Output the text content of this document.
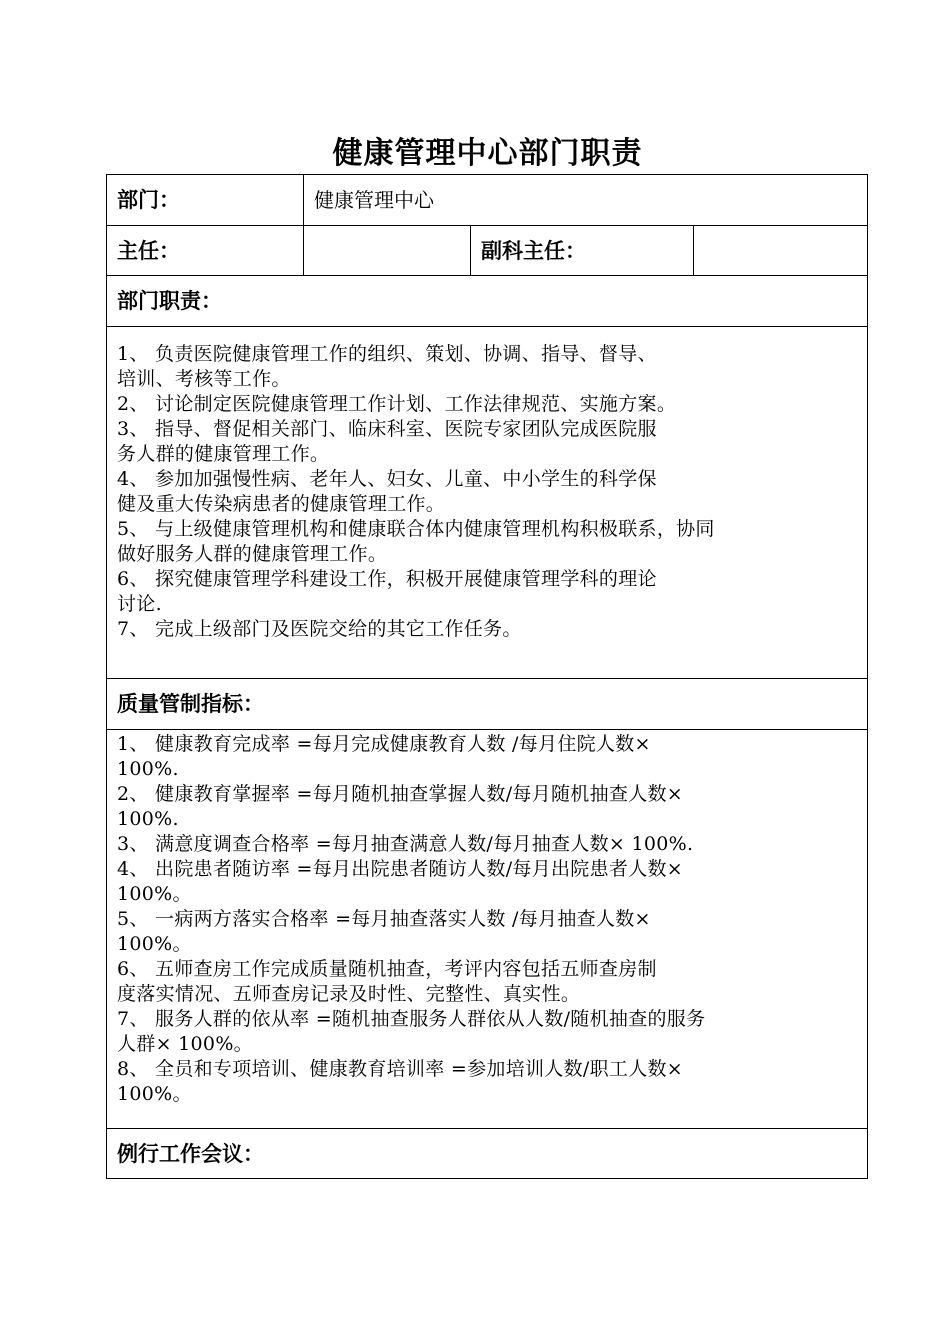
健康管理中心部门职责
部门：	健康管理中心
主任：	副科主任：
部门职责：
1、 负责医院健康管理工作的组织、策划、协调、指导、督导、
培训、考核等工作。
2、 讨论制定医院健康管理工作计划、工作法律规范、实施方案。
3、 指导、督促相关部门、临床科室、医院专家团队完成医院服
务人群的健康管理工作。
4、 参加加强慢性病、老年人、妇女、儿童、中小学生的科学保
健及重大传染病患者的健康管理工作。
5、 与上级健康管理机构和健康联合体内健康管理机构积极联系，协同
做好服务人群的健康管理工作。
6、 探究健康管理学科建设工作，积极开展健康管理学科的理论
讨论.
7、 完成上级部门及医院交给的其它工作任务。
质量管制指标：
1、 健康教育完成率 =每月完成健康教育人数 /每月住院人数×
100%.
2、 健康教育掌握率 =每月随机抽查掌握人数/每月随机抽查人数×
100%.
3、 满意度调查合格率 =每月抽查满意人数/每月抽查人数× 100%.
4、 出院患者随访率 =每月出院患者随访人数/每月出院患者人数×
100%。
5、 一病两方落实合格率 =每月抽查落实人数 /每月抽查人数×
100%。
6、 五师查房工作完成质量随机抽查，考评内容包括五师查房制
度落实情况、五师查房记录及时性、完整性、真实性。
7、 服务人群的依从率 =随机抽查服务人群依从人数/随机抽查的服务
人群× 100%。
8、 全员和专项培训、健康教育培训率 =参加培训人数/职工人数×
100%。
例行工作会议：
